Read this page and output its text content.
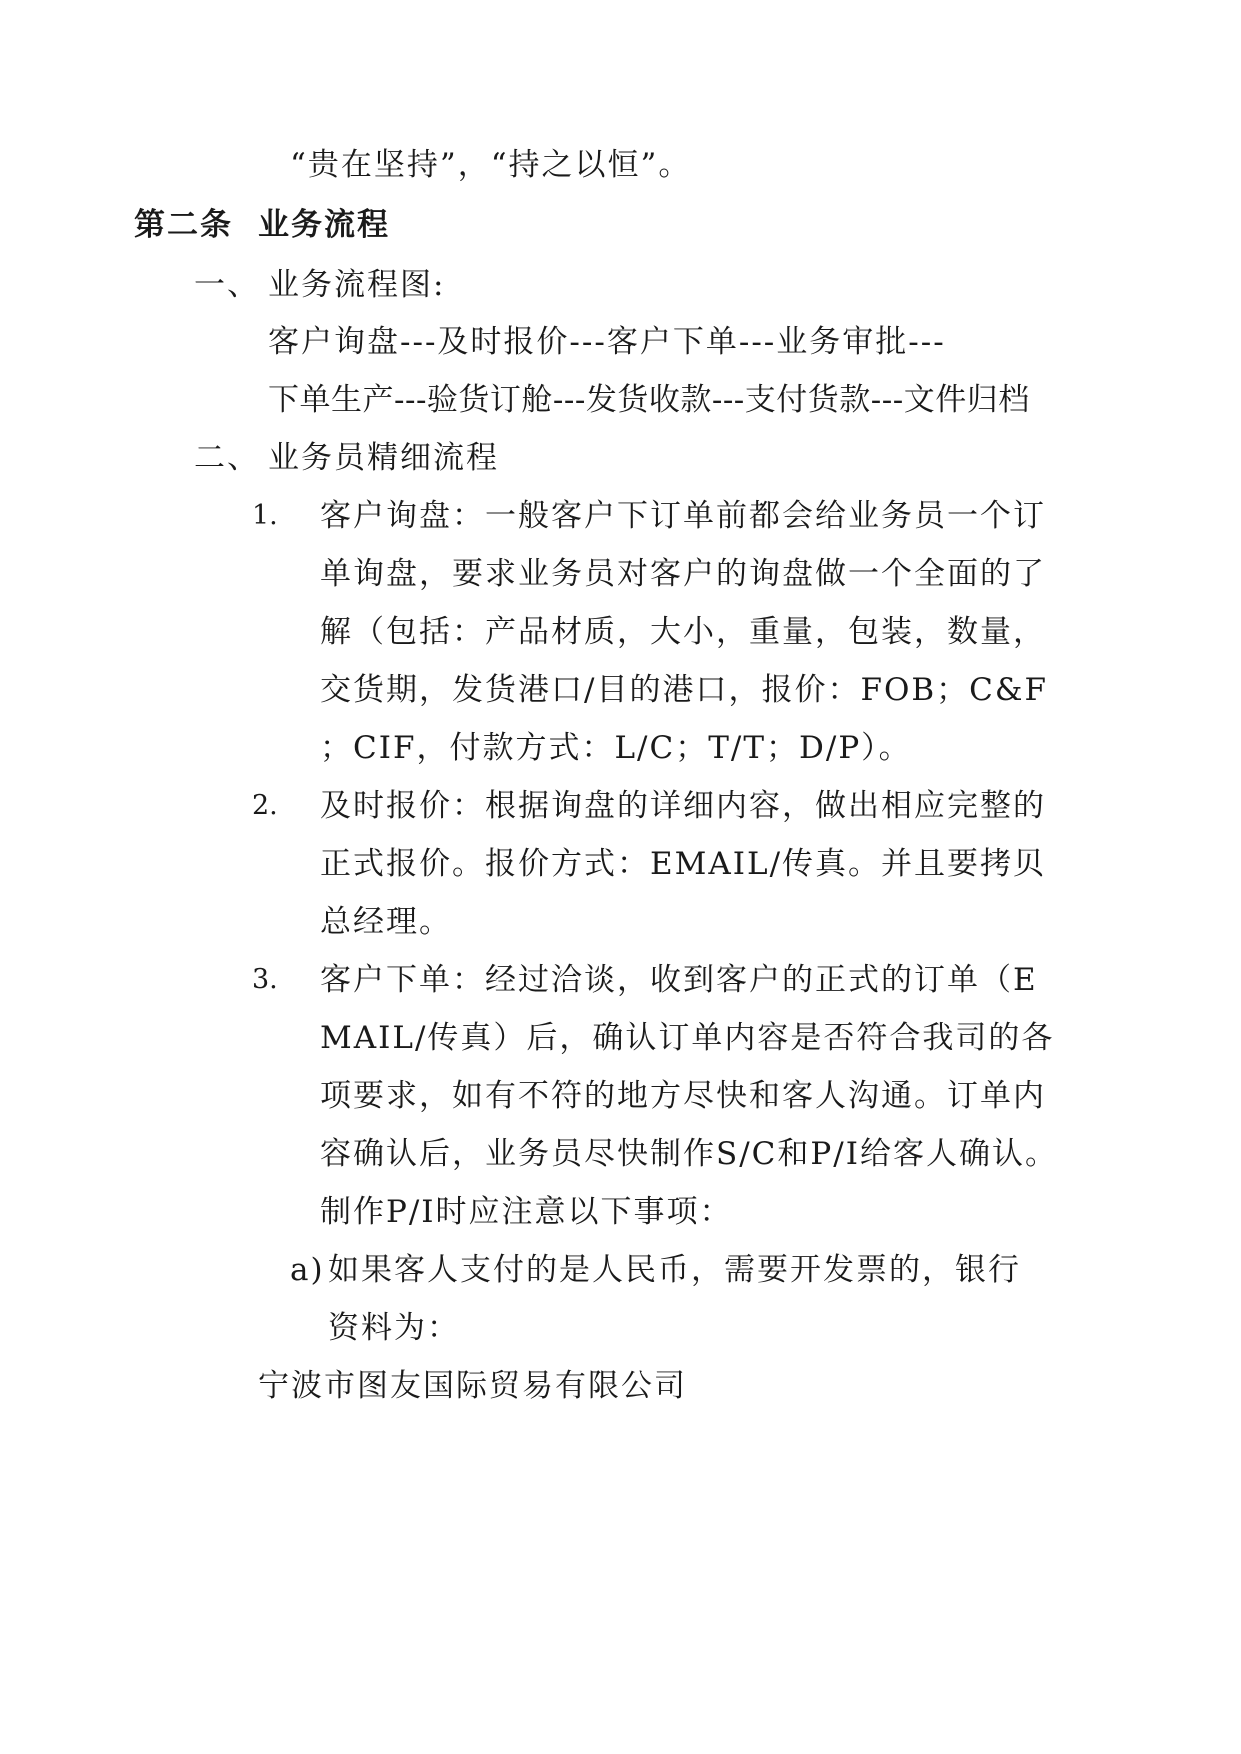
“贵在坚持”，“持之以恒”。
第二条 业务流程
一、 业务流程图:
客户询盘---及时报价---客户下单---业务审批---
下单生产---验货订舱---发货收款---支付货款---文件归档
二、 业务员精细流程
1. 客户询盘：一般客户下订单前都会给业务员一个订
单询盘，要求业务员对客户的询盘做一个全面的了
解（包括：产品材质，大小，重量，包装，数量，
交货期，发货港口/目的港口，报价：FOB；C&F
；CIF，付款方式：L/C；T/T；D/P）。
2. 及时报价：根据询盘的详细内容，做出相应完整的
正式报价。报价方式：EMAIL/传真。并且要拷贝
总经理。
3. 客户下单：经过洽谈，收到客户的正式的订单（E
MAIL/传真）后，确认订单内容是否符合我司的各
项要求，如有不符的地方尽快和客人沟通。订单内
容确认后，业务员尽快制作S/C和P/I给客人确认。
制作P/I时应注意以下事项：
a) 如果客人支付的是人民币，需要开发票的，银行
资料为：
宁波市图友国际贸易有限公司
